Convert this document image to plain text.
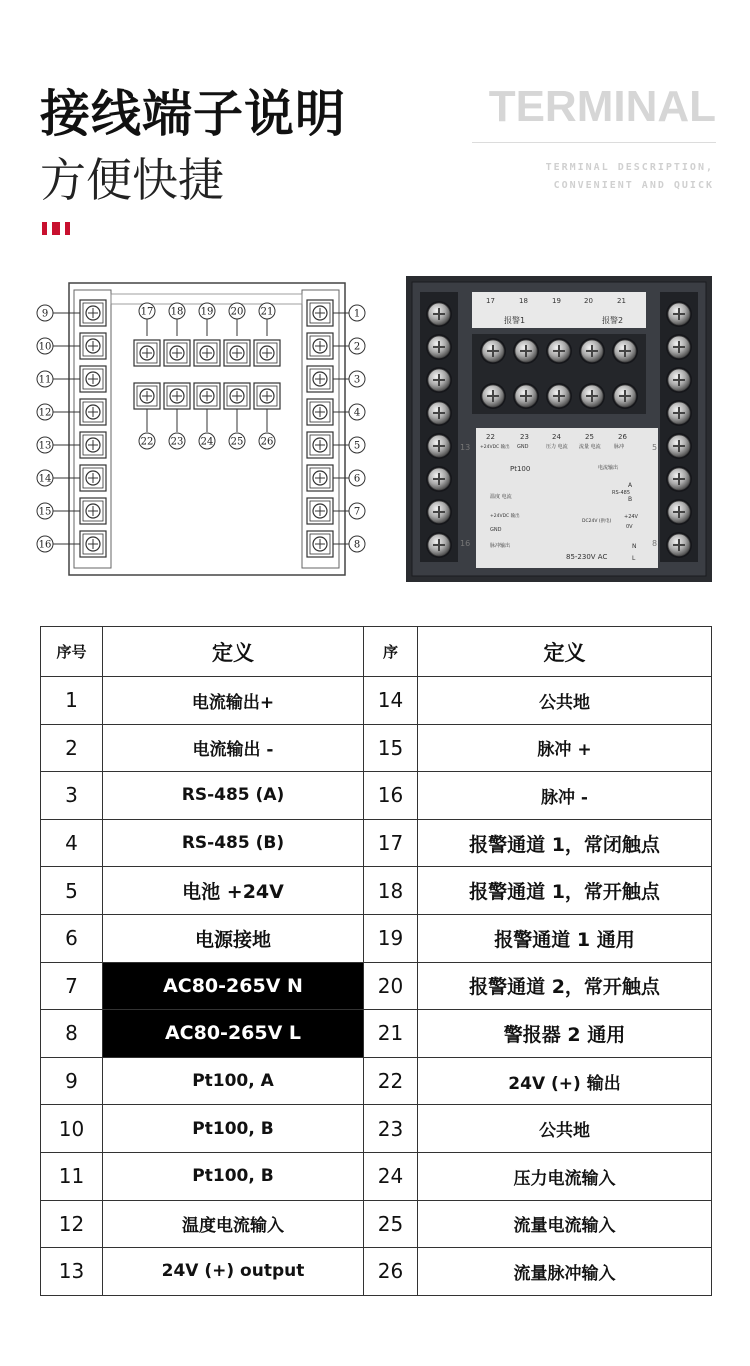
接线端子说明
方便快捷
TERMINAL
TERMINAL DESCRIPTION,
CONVENIENT AND QUICK
9
10
11
12
13
14
15
16
1
2
3
4
5
6
7
8
17 18 19 20 21
22 23 24 25 26
17	18	19	20	21
报警1	报警2
22	23	24	25	26
+24VDC 输出 GND	压力 电流 流量 电流	脉冲
Pt100	电流输出
A
RS-485
B
温度 电流
+24VDC 输出
GND
脉冲输出
DC24V (供电)
+24V
0V
N
L
85-230V AC
13
16
5
8
序号	定义	序	定义
1	电流输出+	14	公共地
2	电流输出 -	15	脉冲 +
3	RS-485 (A)	16	脉冲 -
4	RS-485 (B)	17	报警通道 1，常闭触点
5	电池 +24V	18	报警通道 1，常开触点
6	电源接地	19	报警通道 1 通用
7	AC80-265V N	20	报警通道 2，常开触点
8	AC80-265V L	21	警报器 2 通用
9	Pt100, A	22	24V (+) 输出
10	Pt100, B	23	公共地
11	Pt100, B	24	压力电流输入
12	温度电流输入	25	流量电流输入
13	24V (+) output	26	流量脉冲输入
